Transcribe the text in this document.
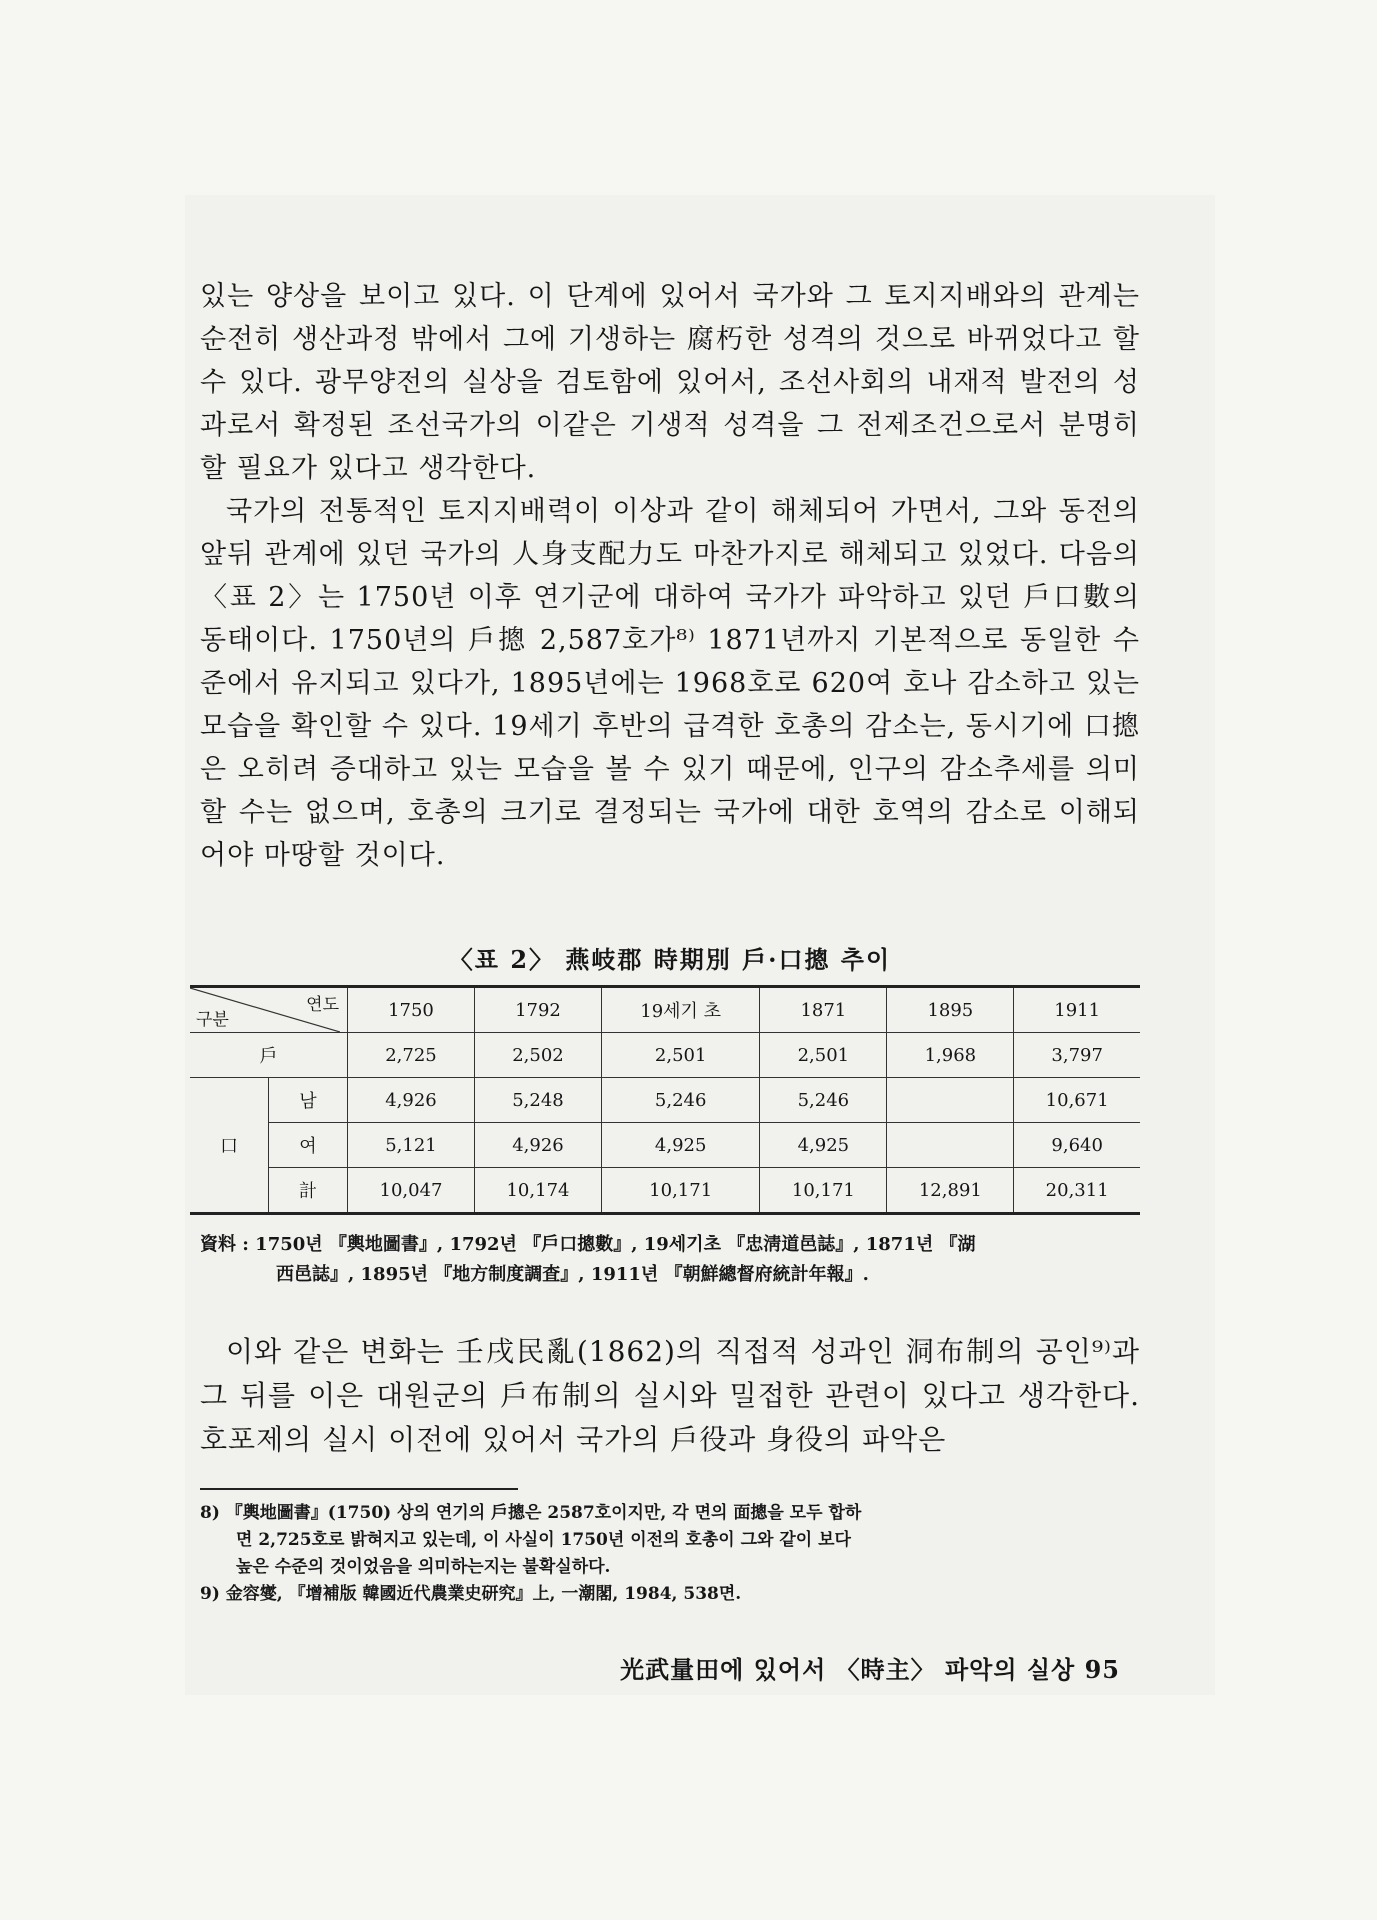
있는 양상을 보이고 있다. 이 단계에 있어서 국가와 그 토지지배와의 관계는 순전히 생산과정 밖에서 그에 기생하는 腐朽한 성격의 것으로 바뀌었다고 할 수 있다. 광무양전의 실상을 검토함에 있어서, 조선사회의 내재적 발전의 성과로서 확정된 조선국가의 이같은 기생적 성격을 그 전제조건으로서 분명히 할 필요가 있다고 생각한다.

국가의 전통적인 토지지배력이 이상과 같이 해체되어 가면서, 그와 동전의 앞뒤 관계에 있던 국가의 人身支配力도 마찬가지로 해체되고 있었다. 다음의 〈표 2〉는 1750년 이후 연기군에 대하여 국가가 파악하고 있던 戶口數의 동태이다. 1750년의 戶摠 2,587호가⁸⁾ 1871년까지 기본적으로 동일한 수준에서 유지되고 있다가, 1895년에는 1968호로 620여 호나 감소하고 있는 모습을 확인할 수 있다. 19세기 후반의 급격한 호총의 감소는, 동시기에 口摠은 오히려 증대하고 있는 모습을 볼 수 있기 때문에, 인구의 감소추세를 의미할 수는 없으며, 호총의 크기로 결정되는 국가에 대한 호역의 감소로 이해되어야 마땅할 것이다.

〈표 2〉 燕岐郡 時期別 戶·口摠 추이
연도
구분		1750	1792	19세기 초	1871	1895	1911
戶		2,725	2,502	2,501	2,501	1,968	3,797
口	남	4,926	5,248	5,246	5,246		10,671
	여	5,121	4,926	4,925	4,925		9,640
	計	10,047	10,174	10,171	10,171	12,891	20,311
資料 : 1750년 『輿地圖書』, 1792년 『戶口摠數』, 19세기초 『忠淸道邑誌』, 1871년 『湖
西邑誌』, 1895년 『地方制度調査』, 1911년 『朝鮮總督府統計年報』.

이와 같은 변화는 壬戌民亂(1862)의 직접적 성과인 洞布制의 공인⁹⁾과 그 뒤를 이은 대원군의 戶布制의 실시와 밀접한 관련이 있다고 생각한다. 호포제의 실시 이전에 있어서 국가의 戶役과 身役의 파악은

8) 『輿地圖書』(1750) 상의 연기의 戶摠은 2587호이지만, 각 면의 面摠을 모두 합하
면 2,725호로 밝혀지고 있는데, 이 사실이 1750년 이전의 호총이 그와 같이 보다
높은 수준의 것이었음을 의미하는지는 불확실하다.

9) 金容燮, 『增補版 韓國近代農業史研究』上, 一潮閣, 1984, 538면.

光武量田에 있어서 〈時主〉 파악의 실상 95
